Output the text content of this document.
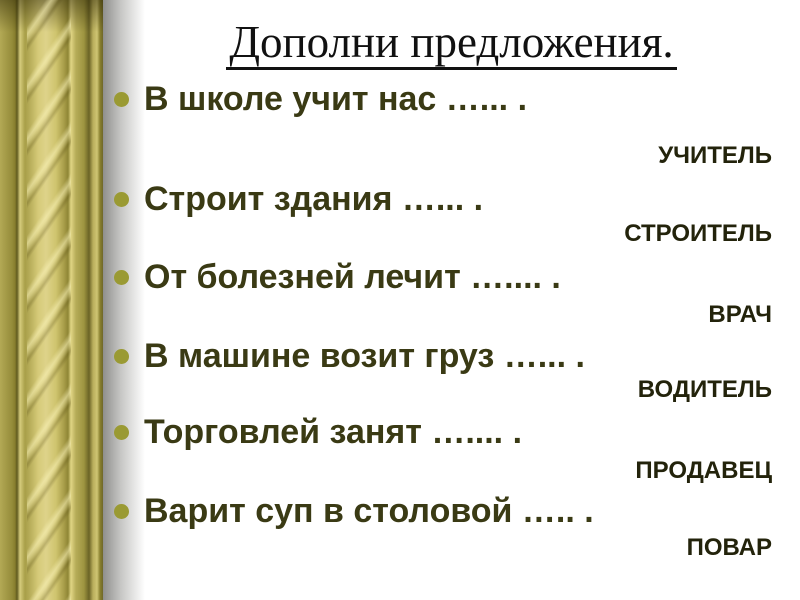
Дополни предложения.
В школе учит нас …... .
УЧИТЕЛЬ
Строит здания …... .
СТРОИТЕЛЬ
От болезней лечит ….... .
ВРАЧ
В машине возит груз …... .
ВОДИТЕЛЬ
Торговлей занят ….... .
ПРОДАВЕЦ
Варит суп в столовой ….. .
ПОВАР
